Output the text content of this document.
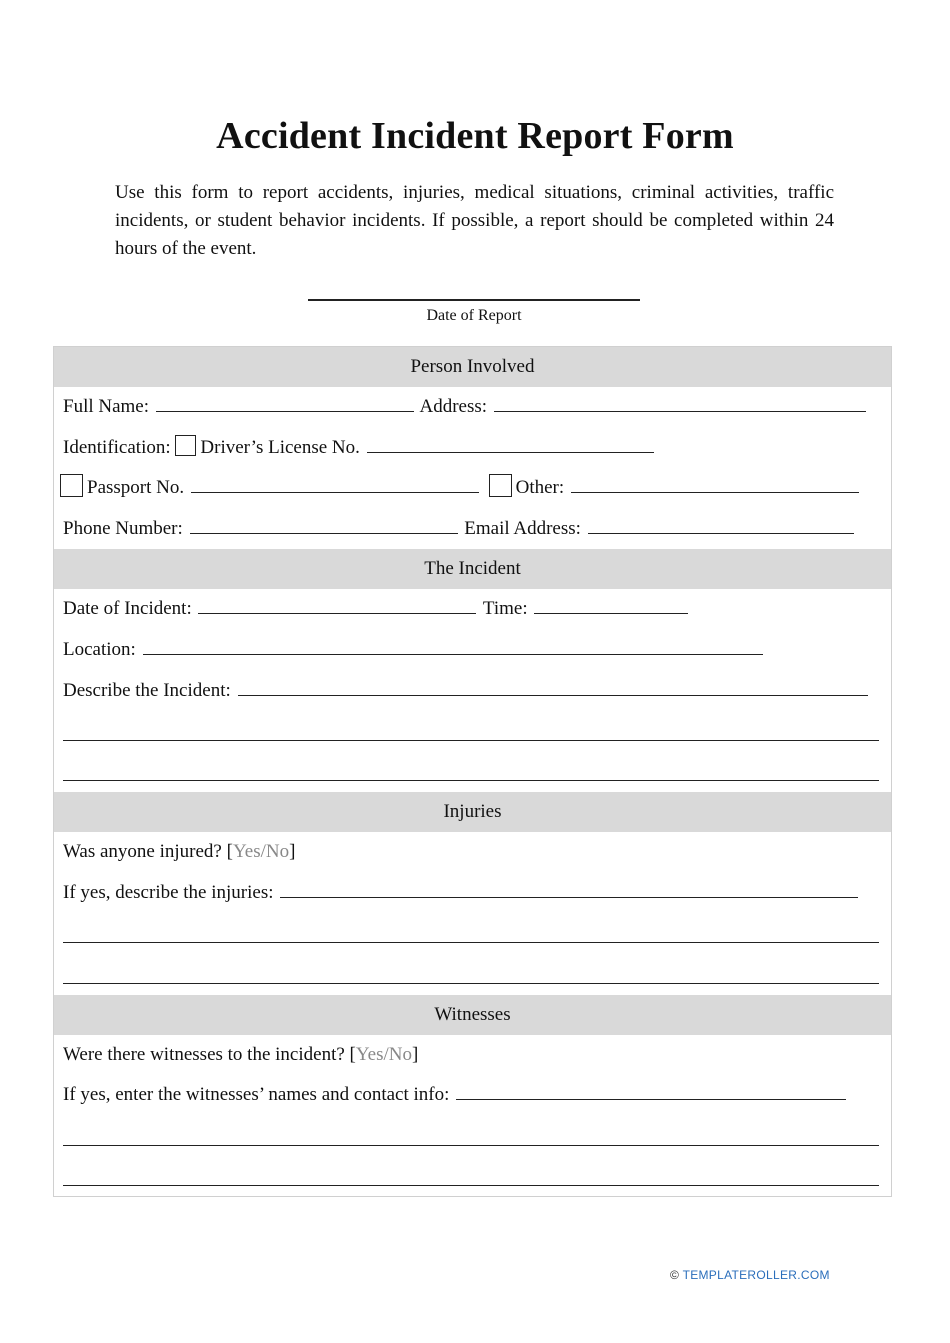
Accident Incident Report Form
Use this form to report accidents, injuries, medical situations, criminal activities, traffic incidents, or student behavior incidents. If possible, a report should be completed within 24 hours of the event.
Date of Report
Person Involved
Full Name:	Address:
Identification: Driver’s License No.
Passport No.	Other:
Phone Number:	Email Address:
The Incident
Date of Incident:	Time:
Location:
Describe the Incident:
Injuries
Was anyone injured? [Yes/No]
If yes, describe the injuries:
Witnesses
Were there witnesses to the incident? [Yes/No]
If yes, enter the witnesses’ names and contact info:
© TEMPLATEROLLER.COM
